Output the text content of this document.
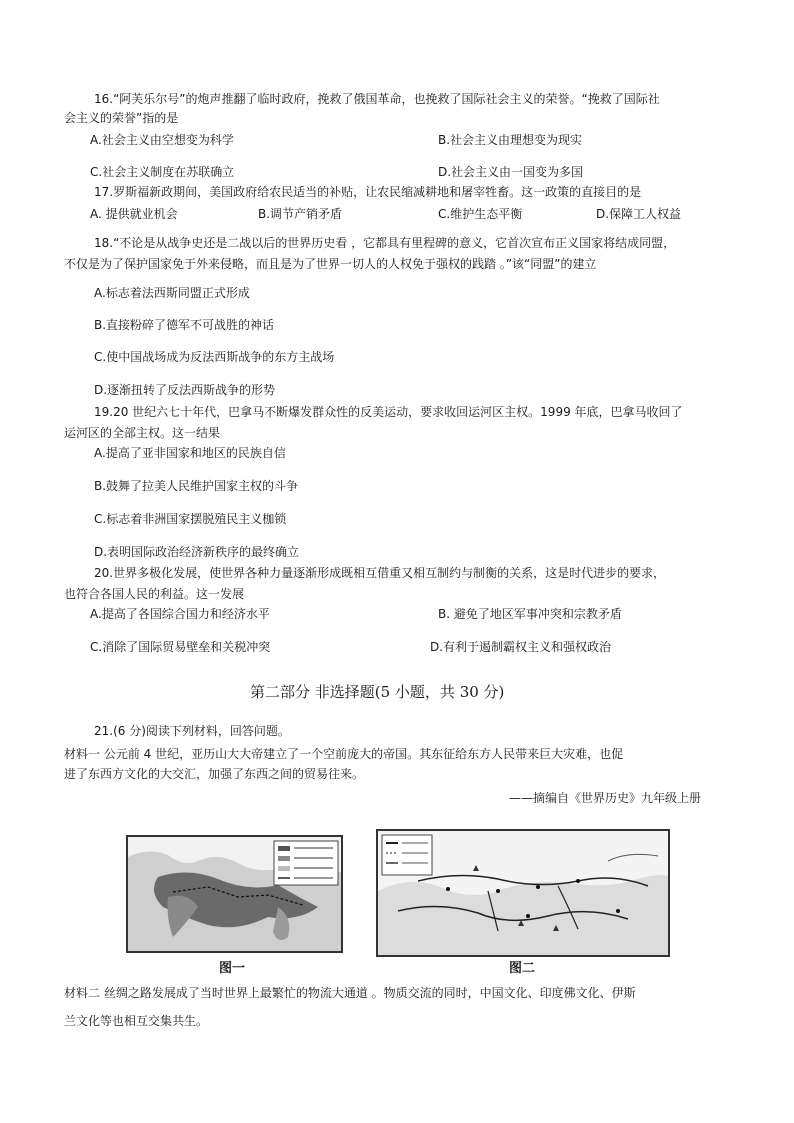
16.“阿芙乐尔号”的炮声推翻了临时政府，挽救了俄国革命，也挽救了国际社会主义的荣誉。“挽救了国际社
会主义的荣誉”指的是
A.社会主义由空想变为科学	B.社会主义由理想变为现实
C.社会主义制度在苏联确立	D.社会主义由一国变为多国
17.罗斯福新政期间，美国政府给农民适当的补贴，让农民缩减耕地和屠宰牲畜。这一政策的直接目的是
A. 提供就业机会	B.调节产销矛盾	C.维护生态平衡	D.保障工人权益
18.“不论是从战争史还是二战以后的世界历史看 ，它都具有里程碑的意义，它首次宣布正义国家将结成同盟，
不仅是为了保护国家免于外来侵略，而且是为了世界一切人的人权免于强权的践踏 。”该“同盟”的建立
A.标志着法西斯同盟正式形成
B.直接粉碎了德军不可战胜的神话
C.使中国战场成为反法西斯战争的东方主战场
D.逐渐扭转了反法西斯战争的形势
19.20 世纪六七十年代，巴拿马不断爆发群众性的反美运动，要求收回运河区主权。1999 年底，巴拿马收回了
运河区的全部主权。这一结果
A.提高了亚非国家和地区的民族自信
B.鼓舞了拉美人民维护国家主权的斗争
C.标志着非洲国家摆脱殖民主义枷锁
D.表明国际政治经济新秩序的最终确立
20.世界多极化发展，使世界各种力量逐渐形成既相互借重又相互制约与制衡的关系，这是时代进步的要求，
也符合各国人民的利益。这一发展
A.提高了各国综合国力和经济水平	B. 避免了地区军事冲突和宗教矛盾
C.消除了国际贸易壁垒和关税冲突	D.有利于遏制霸权主义和强权政治
第二部分 非选择题(5 小题，共 30 分)
21.(6 分)阅读下列材料，回答问题。
材料一 公元前 4 世纪，亚历山大大帝建立了一个空前庞大的帝国。其东征给东方人民带来巨大灾难，也促
进了东西方文化的大交汇，加强了东西之间的贸易往来。
——摘编自《世界历史》九年级上册
图一	图二
材料二 丝绸之路发展成了当时世界上最繁忙的物流大通道 。物质交流的同时，中国文化、印度佛文化、伊斯
兰文化等也相互交集共生。
